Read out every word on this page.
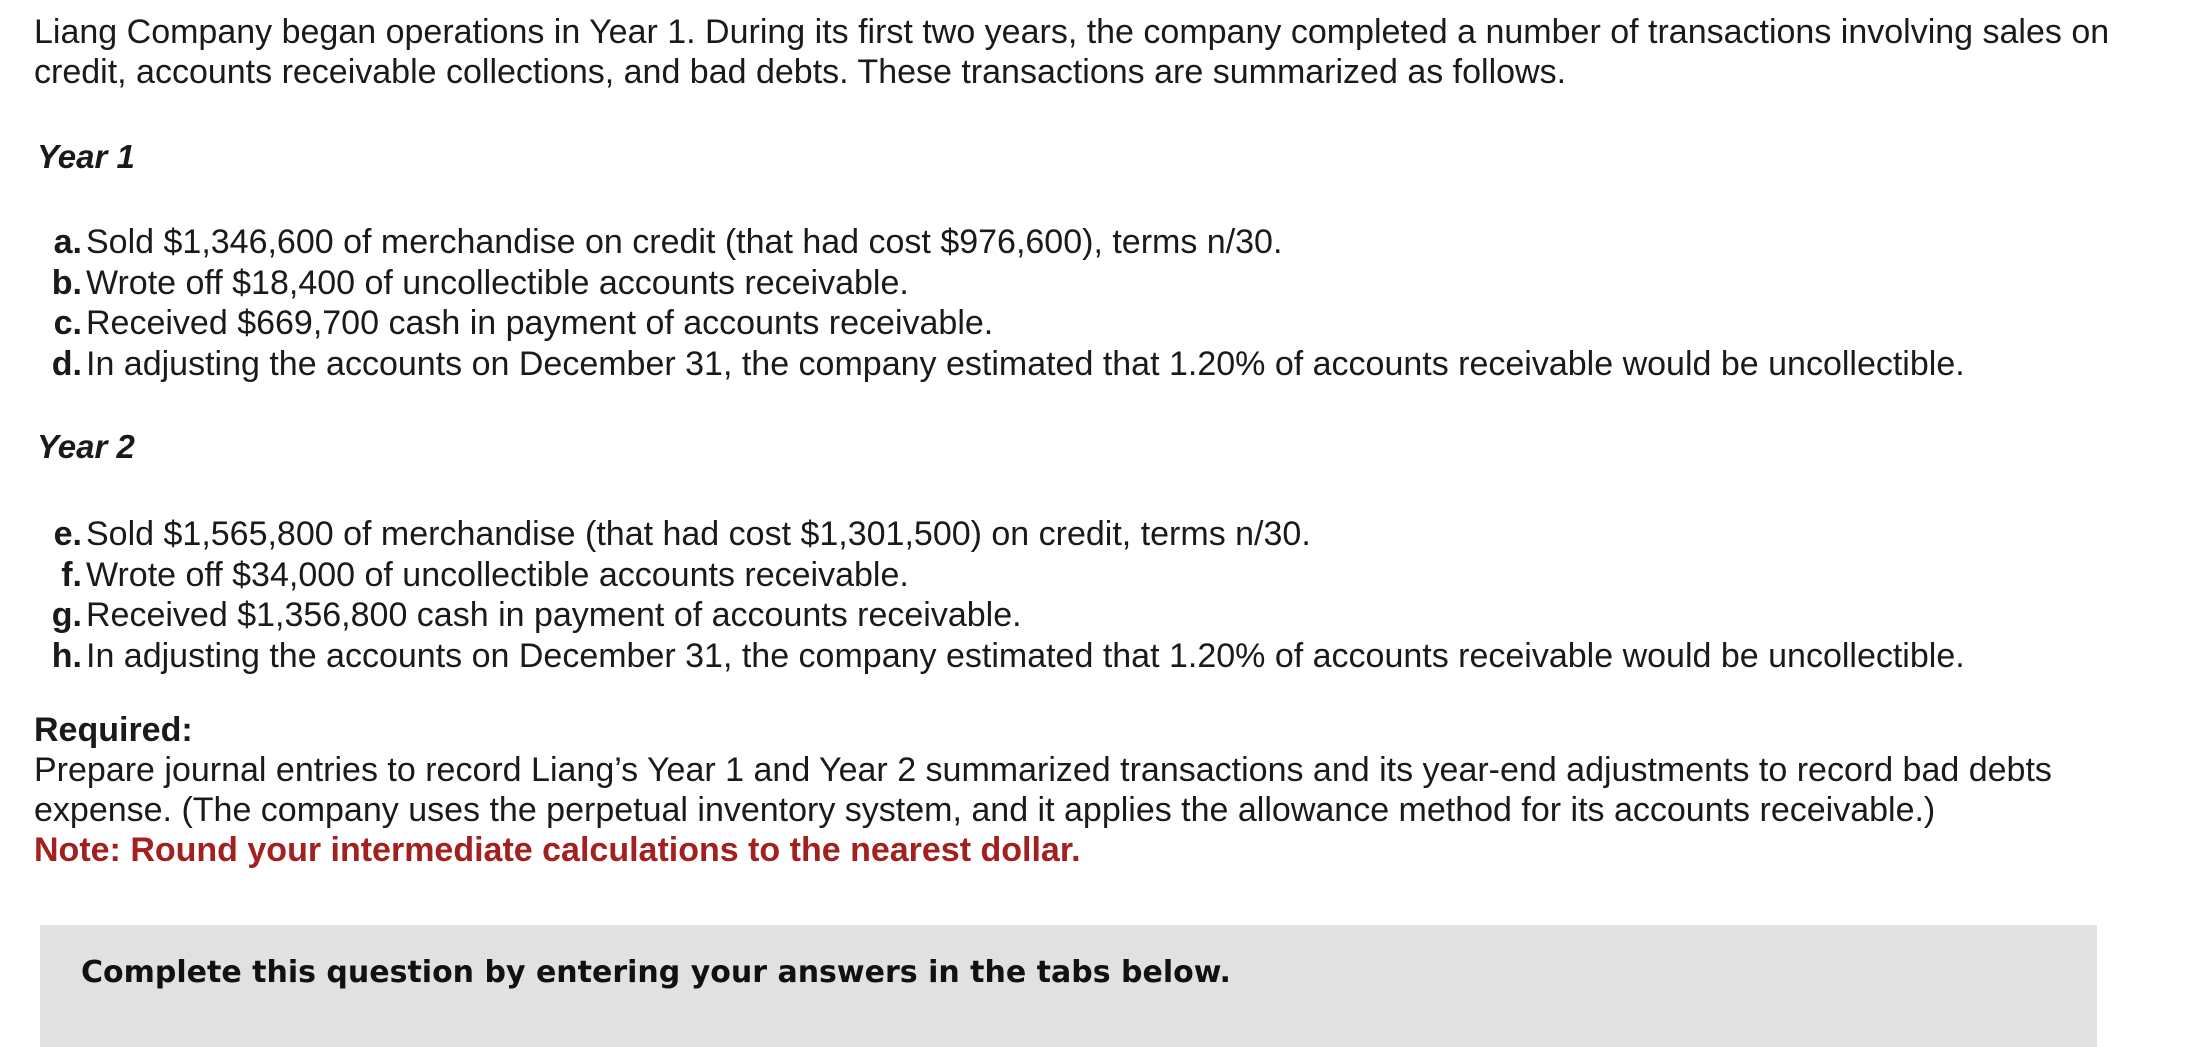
Liang Company began operations in Year 1. During its first two years, the company completed a number of transactions involving sales on credit, accounts receivable collections, and bad debts. These transactions are summarized as follows.

Year 1
a. Sold $1,346,600 of merchandise on credit (that had cost $976,600), terms n/30.
b. Wrote off $18,400 of uncollectible accounts receivable.
c. Received $669,700 cash in payment of accounts receivable.
d. In adjusting the accounts on December 31, the company estimated that 1.20% of accounts receivable would be uncollectible.
Year 2
e. Sold $1,565,800 of merchandise (that had cost $1,301,500) on credit, terms n/30.
f. Wrote off $34,000 of uncollectible accounts receivable.
g. Received $1,356,800 cash in payment of accounts receivable.
h. In adjusting the accounts on December 31, the company estimated that 1.20% of accounts receivable would be uncollectible.
Required:
Prepare journal entries to record Liang’s Year 1 and Year 2 summarized transactions and its year-end adjustments to record bad debts expense. (The company uses the perpetual inventory system, and it applies the allowance method for its accounts receivable.)
Note: Round your intermediate calculations to the nearest dollar.

Complete this question by entering your answers in the tabs below.
